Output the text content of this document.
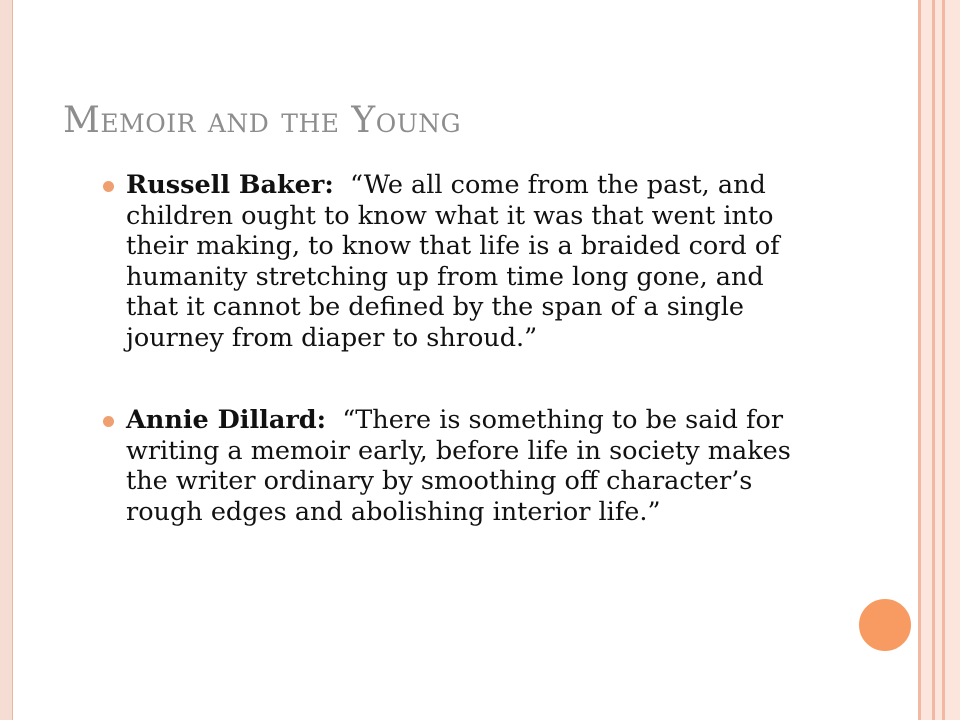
Memoir and the Young
Russell Baker: “We all come from the past, and children ought to know what it was that went into their making, to know that life is a braided cord of humanity stretching up from time long gone, and that it cannot be defined by the span of a single journey from diaper to shroud.”
Annie Dillard: “There is something to be said for writing a memoir early, before life in society makes the writer ordinary by smoothing off character’s rough edges and abolishing interior life.”
